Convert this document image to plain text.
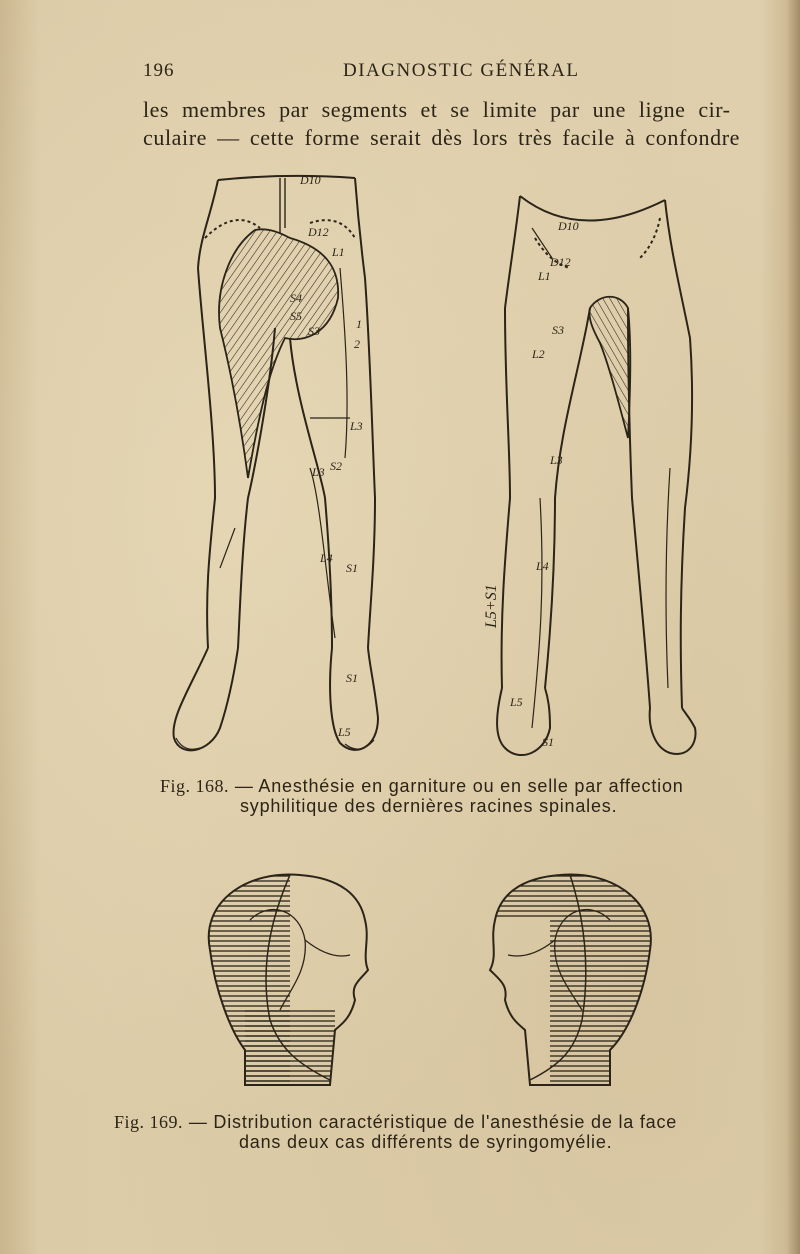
196	DIAGNOSTIC GÉNÉRAL
les membres par segments et se limite par une ligne cir-
culaire — cette forme serait dès lors très facile à confondre
D10
D12
L1
S4
S5
S3	1
2
L3
L3 S2
L4
S1
S1
L5
D10
D12
L1
S3
L2
L3
L4
L5+S1
L5
S1
Fig. 168. — Anesthésie en garniture ou en selle par affection
syphilitique des dernières racines spinales.
Fig. 169. — Distribution caractéristique de l'anesthésie de la face
dans deux cas différents de syringomyélie.
